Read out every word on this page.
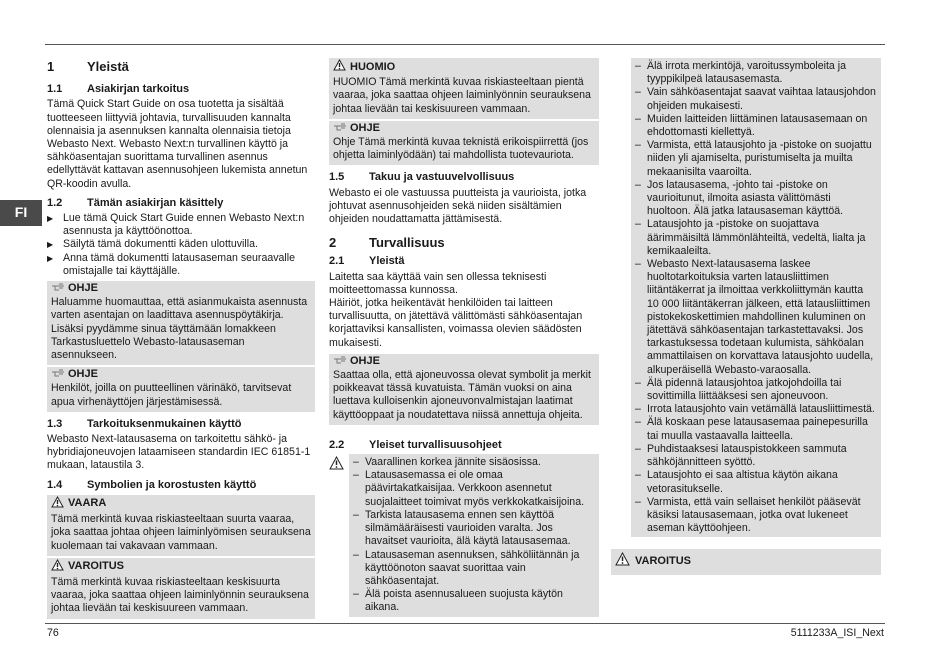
FI
1	Yleistä
1.1	Asiakirjan tarkoitus

Tämä Quick Start Guide on osa tuotetta ja sisältää tuotteeseen liittyviä johtavia, turvallisuuden kannalta olennaisia ja asennuksen kannalta olennaisia tietoja Webasto Next. Webasto Next:n turvallinen käyttö ja sähköasentajan suorittama turvallinen asennus edellyttävät kattavan asennusohjeen lukemista annetun QR-koodin avulla.

1.2	Tämän asiakirjan käsittely
▶ Lue tämä Quick Start Guide ennen Webasto Next:n asennusta ja käyttöönottoa.
▶ Säilytä tämä dokumentti käden ulottuvilla.
▶ Anna tämä dokumentti latausaseman seuraavalle omistajalle tai käyttäjälle.
OHJE
Haluamme huomauttaa, että asianmukaista asennusta varten asentajan on laadittava asennuspöytäkirja. Lisäksi pyydämme sinua täyttämään lomakkeen Tarkastusluettelo Webasto-latausaseman asennukseen.
OHJE
Henkilöt, joilla on puutteellinen värinäkö, tarvitsevat apua virhenäyttöjen järjestämisessä.
1.3	Tarkoituksenmukainen käyttö

Webasto Next-latausasema on tarkoitettu sähkö- ja hybridiajoneuvojen lataamiseen standardin IEC 61851-1 mukaan, lataustila 3.

1.4	Symbolien ja korostusten käyttö
VAARA
Tämä merkintä kuvaa riskiasteeltaan suurta vaaraa, joka saattaa johtaa ohjeen laiminlyömisen seurauksena kuolemaan tai vakavaan vammaan.
VAROITUS
Tämä merkintä kuvaa riskiasteeltaan keskisuurta vaaraa, joka saattaa ohjeen laiminlyönnin seurauksena johtaa lievään tai keskisuureen vammaan.
HUOMIO
HUOMIO Tämä merkintä kuvaa riskiasteeltaan pientä vaaraa, joka saattaa ohjeen laiminlyönnin seurauksena johtaa lievään tai keskisuureen vammaan.
OHJE
Ohje Tämä merkintä kuvaa teknistä erikoispiirrettä (jos ohjetta laiminlyödään) tai mahdollista tuotevauriota.
1.5	Takuu ja vastuuvelvollisuus

Webasto ei ole vastuussa puutteista ja vaurioista, jotka johtuvat asennusohjeiden sekä niiden sisältämien ohjeiden noudattamatta jättämisestä.

2	Turvallisuus
2.1	Yleistä

Laitetta saa käyttää vain sen ollessa teknisesti moitteettomassa kunnossa.

Häiriöt, jotka heikentävät henkilöiden tai laitteen turvallisuutta, on jätettävä välittömästi sähköasentajan korjattaviksi kansallisten, voimassa olevien säädösten mukaisesti.

OHJE
Saattaa olla, että ajoneuvossa olevat symbolit ja merkit poikkeavat tässä kuvatuista. Tämän vuoksi on aina luettava kulloisenkin ajoneuvonvalmistajan laatimat käyttöoppaat ja noudatettava niissä annettuja ohjeita.
2.2	Yleiset turvallisuusohjeet
– Vaarallinen korkea jännite sisäosissa.
– Latausasemassa ei ole omaa päävirtakatkaisijaa. Verkkoon asennetut suojalaitteet toimivat myös verkkokatkaisijoina.
– Tarkista latausasema ennen sen käyttöä silmämääräisesti vaurioiden varalta. Jos havaitset vaurioita, älä käytä latausasemaa.
– Latausaseman asennuksen, sähköliitännän ja käyttöönoton saavat suorittaa vain sähköasentajat.
– Älä poista asennusalueen suojusta käytön aikana.
– Älä irrota merkintöjä, varoitussymboleita ja tyyppikilpeä latausasemasta.
– Vain sähköasentajat saavat vaihtaa latausjohdon ohjeiden mukaisesti.
– Muiden laitteiden liittäminen latausasemaan on ehdottomasti kiellettyä.
– Varmista, että latausjohto ja -pistoke on suojattu niiden yli ajamiselta, puristumiselta ja muilta mekaanisilta vaaroilta.
– Jos latausasema, -johto tai -pistoke on vaurioitunut, ilmoita asiasta välittömästi huoltoon. Älä jatka latausaseman käyttöä.
– Latausjohto ja -pistoke on suojattava äärimmäisiltä lämmönlähteiltä, vedeltä, lialta ja kemikaaleilta.
– Webasto Next-latausasema laskee huoltotarkoituksia varten latausliittimen liitäntäkerrat ja ilmoittaa verkkoliittymän kautta 10 000 liitäntäkerran jälkeen, että latausliittimen pistokekoskettimien mahdollinen kuluminen on jätettävä sähköasentajan tarkastettavaksi. Jos tarkastuksessa todetaan kulumista, sähköalan ammattilaisen on korvattava latausjohto uudella, alkuperäisellä Webasto-varaosalla.
– Älä pidennä latausjohtoa jatkojohdoilla tai sovittimilla liittääksesi sen ajoneuvoon.
– Irrota latausjohto vain vetämällä latausliittimestä.
– Älä koskaan pese latausasemaa painepesurilla tai muulla vastaavalla laitteella.
– Puhdistaaksesi latauspistokkeen sammuta sähköjännitteen syöttö.
– Latausjohto ei saa altistua käytön aikana vetorasitukselle.
– Varmista, että vain sellaiset henkilöt pääsevät käsiksi latausasemaan, jotka ovat lukeneet aseman käyttöohjeen.
VAROITUS
76	5111233A_ISI_Next
